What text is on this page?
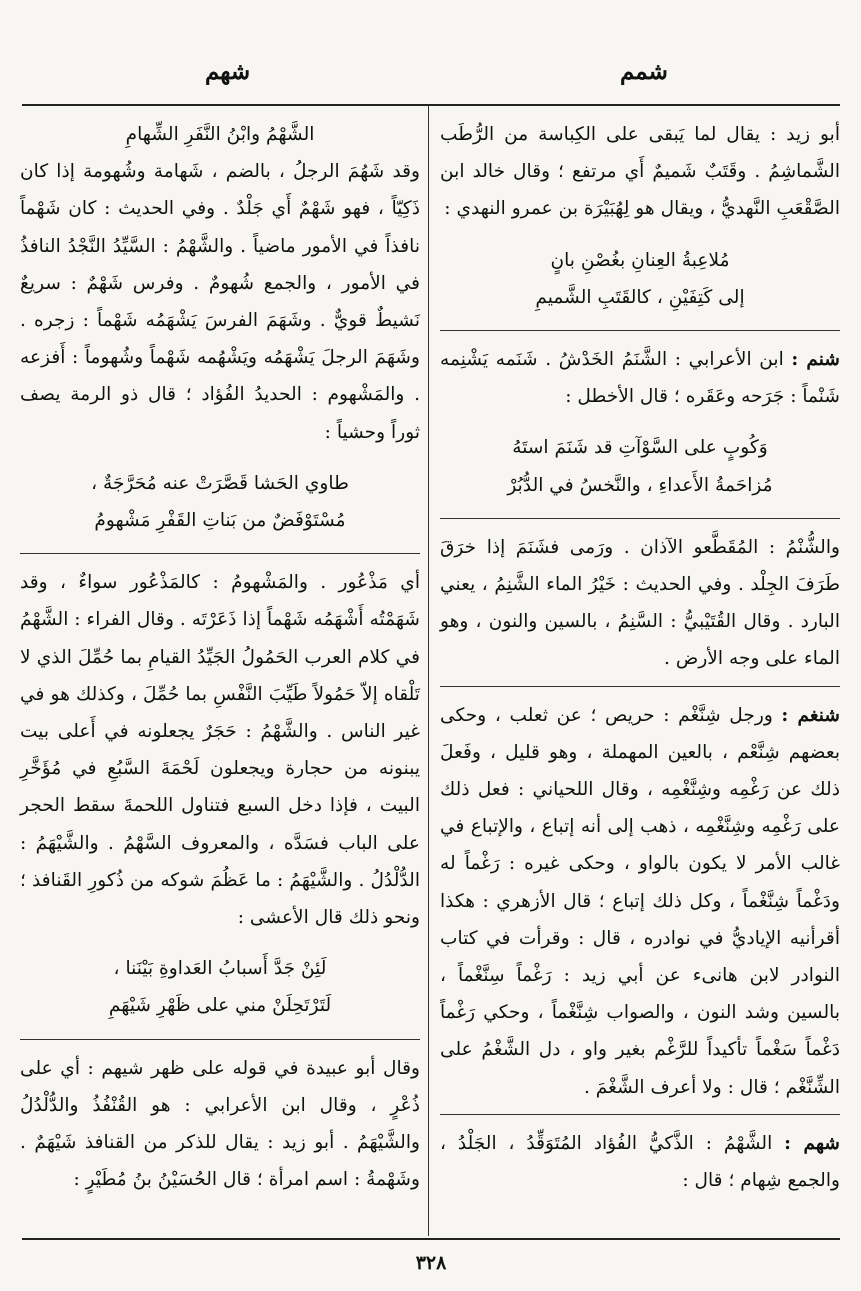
شمم
شهم

أبو زيد : يقال لما يَبقى على الكِباسة من الرُّطَب الشَّماشِمُ . وقَتَبٌ شَميمٌ أَي مرتفع ؛ وقال خالد ابن الصَّقْعَبِ النَّهديُّ ، ويقال هو لِهُبَيْرَة بن عمرو النهدي :

مُلاعِبةُ العِنانِ بغُصْنِ بانٍ
إلى كَتِفَيْنِ ، كالقَتَبِ الشَّميمِ

شنم : ابن الأعرابي : الشَّنَمُ الخَدْشُ . شَنَمه يَشْنِمه شَنْماً : جَرَحه وعَقَره ؛ قال الأخطل :

وَكُوبٍ على السَّوْآتِ قد شَنَمَ استَهُ
مُزاحَمةُ الأَعداءِ ، والنَّخسُ في الدُّبُرْ

والشُّنْمُ : المُقَطَّعو الآذان . ورَمى فشَنَمَ إذا خرَقَ طَرَفَ الجِلْد . وفي الحديث : خَيْرُ الماء الشَّنِمُ ، يعني البارد . وقال القُتَيْبيُّ : السَّنِمُ ، بالسين والنون ، وهو الماء على وجه الأرض .

شنغم : ورجل شِنَّغْم : حريص ؛ عن ثعلب ، وحكى بعضهم شِنَّعْم ، بالعين المهملة ، وهو قليل ، وفَعلَ ذلك عن رَغْمِه وشِنَّغْمِه ، وقال اللحياني : فعل ذلك على رَغْمِه وشِنَّغْمِه ، ذهب إلى أنه إتباع ، والإتباع في غالب الأمر لا يكون بالواو ، وحكى غيره : رَغْماً له ودَغْماً شِنَّغْماً ، وكل ذلك إتباع ؛ قال الأزهري : هكذا أقرأنيه الإياديُّ في نوادره ، قال : وقرأت في كتاب النوادر لابن هانىء عن أبي زيد : رَغْماً سِنَّغْماً ، بالسين وشد النون ، والصواب شِنَّغْماً ، وحكي رَغْماً دَغْماً سَغْماً تأكيداً للرَّغْم بغير واو ، دل الشَّغْمُ على الشِّنَّغْم ؛ قال : ولا أعرف الشَّغْمَ .

شهم : الشَّهْمُ : الذَّكيُّ الفُؤاد المُتَوَقِّدُ ، الجَلْدُ ، والجمع شِهام ؛ قال :

الشَّهْمُ وابْنُ النَّفَرِ الشِّهامِ

وقد شَهُمَ الرجلُ ، بالضم ، شَهامة وشُهومة إذا كان ذَكِيّاً ، فهو شَهْمٌ أَي جَلْدٌ . وفي الحديث : كان شَهْماً نافذاً في الأمور ماضياً . والشَّهْمُ : السَّيِّدُ النَّجْدُ النافذُ في الأمور ، والجمع شُهومٌ . وفرس شَهْمٌ : سريعٌ نَشيطٌ قويٌّ . وشَهَمَ الفرسَ يَشْهَمُه شَهْماً : زجره . وشَهَمَ الرجلَ يَشْهَمُه ويَشْهُمه شَهْماً وشُهوماً : أَفزعه . والمَشْهوم : الحديدُ الفُؤاد ؛ قال ذو الرمة يصف ثوراً وحشياً :

طاوي الحَشا قَصَّرَتْ عنه مُحَرَّجَةٌ ،
مُسْتَوْفَضٌ من بَناتِ القَفْرِ مَشْهومُ

أي مَذْعُور . والمَشْهومُ : كالمَذْعُور سواءٌ ، وقد شَهَمْتُه أَشْهَمُه شَهْماً إذا ذَعَرْتَه . وقال الفراء : الشَّهْمُ في كلام العرب الحَمُولُ الجَيِّدُ القيامِ بما حُمِّلَ الذي لا تَلْقاه إلاّ حَمُولاً طَيِّبَ النَّفْسِ بما حُمِّلَ ، وكذلك هو في غير الناس . والشَّهْمُ : حَجَرٌ يجعلونه في أَعلى بيت يبنونه من حجارة ويجعلون لَحْمَةَ السَّبُعِ في مُؤَخَّرِ البيت ، فإذا دخل السبع فتناول اللحمةَ سقط الحجر على الباب فسَدَّه ، والمعروف السَّهْمُ . والشَّيْهَمُ : الدُّلْدُلُ . والشَّيْهَمُ : ما عَظُمَ شوكه من ذُكورِ القَنافذ ؛ ونحو ذلك قال الأعشى :

لَئِنْ جَدَّ أَسبابُ العَداوةِ بَيْنَنا ،
لَتَرْتَحِلَنْ مني على ظَهْرِ شَيْهَمِ

وقال أبو عبيدة في قوله على ظهر شيهم : أي على ذُعْرٍ ، وقال ابن الأعرابي : هو القُنْفُذُ والدُّلْدُلُ والشَّيْهَمُ . أبو زيد : يقال للذكر من القنافذ شَيْهَمٌ . وشَهْمةُ : اسم امرأة ؛ قال الحُسَيْنُ بنُ مُطَيْرٍ :

٣٢٨
